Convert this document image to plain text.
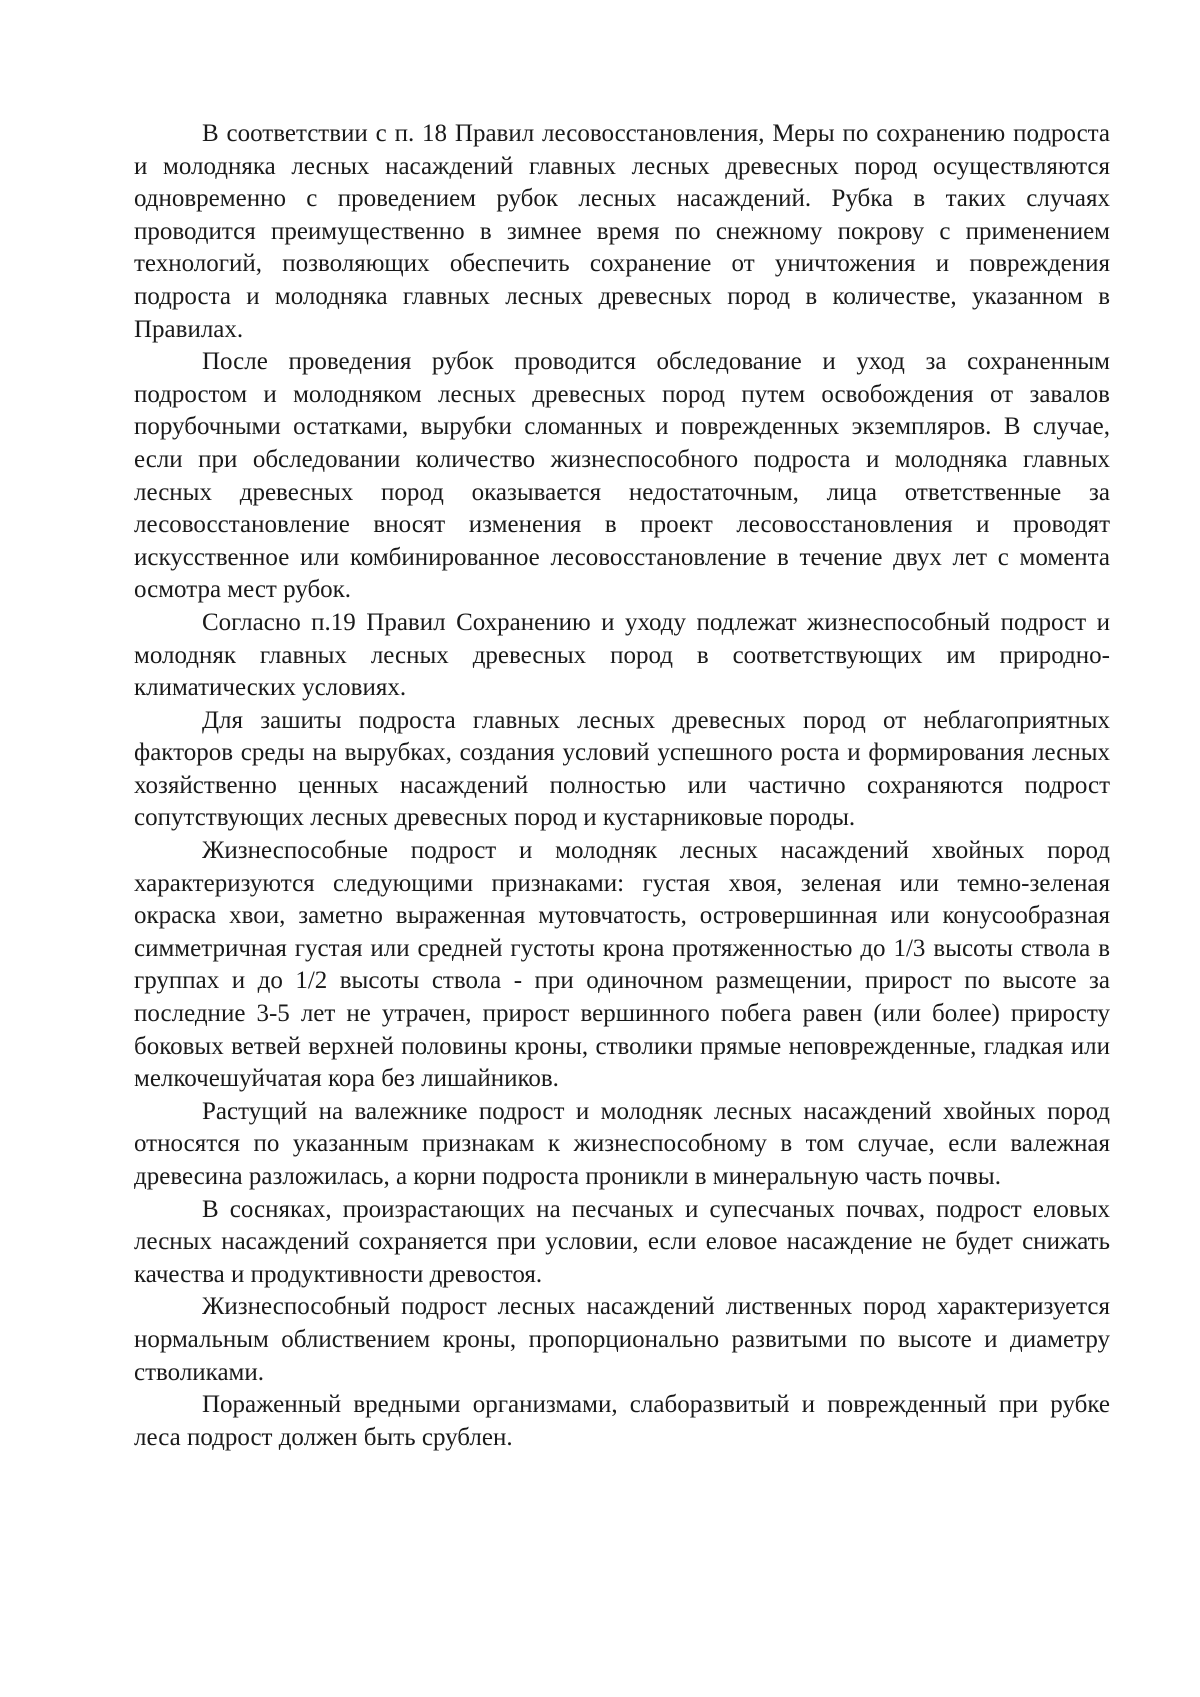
В соответствии с п. 18 Правил лесовосстановления, Меры по сохранению подроста и молодняка лесных насаждений главных лесных древесных пород осуществляются одновременно с проведением рубок лесных насаждений. Рубка в таких случаях проводится преимущественно в зимнее время по снежному покрову с применением технологий, позволяющих обеспечить сохранение от уничтожения и повреждения подроста и молодняка главных лесных древесных пород в количестве, указанном в Правилах.

После проведения рубок проводится обследование и уход за сохраненным подростом и молодняком лесных древесных пород путем освобождения от завалов порубочными остатками, вырубки сломанных и поврежденных экземпляров. В случае, если при обследовании количество жизнеспособного подроста и молодняка главных лесных древесных пород оказывается недостаточным, лица ответственные за лесовосстановление вносят изменения в проект лесовосстановления и проводят искусственное или комбинированное лесовосстановление в течение двух лет с момента осмотра мест рубок.

Согласно п.19 Правил Сохранению и уходу подлежат жизнеспособный подрост и молодняк главных лесных древесных пород в соответствующих им природно-климатических условиях.

Для зашиты подроста главных лесных древесных пород от неблагоприятных факторов среды на вырубках, создания условий успешного роста и формирования лесных хозяйственно ценных насаждений полностью или частично сохраняются подрост сопутствующих лесных древесных пород и кустарниковые породы.

Жизнеспособные подрост и молодняк лесных насаждений хвойных пород характеризуются следующими признаками: густая хвоя, зеленая или темно-зеленая окраска хвои, заметно выраженная мутовчатость, островершинная или конусообразная симметричная густая или средней густоты крона протяженностью до 1/3 высоты ствола в группах и до 1/2 высоты ствола - при одиночном размещении, прирост по высоте за последние 3-5 лет не утрачен, прирост вершинного побега равен (или более) приросту боковых ветвей верхней половины кроны, стволики прямые неповрежденные, гладкая или мелкочешуйчатая кора без лишайников.

Растущий на валежнике подрост и молодняк лесных насаждений хвойных пород относятся по указанным признакам к жизнеспособному в том случае, если валежная древесина разложилась, а корни подроста проникли в минеральную часть почвы.

В сосняках, произрастающих на песчаных и супесчаных почвах, подрост еловых лесных насаждений сохраняется при условии, если еловое насаждение не будет снижать качества и продуктивности древостоя.

Жизнеспособный подрост лесных насаждений лиственных пород характеризуется нормальным облиствением кроны, пропорционально развитыми по высоте и диаметру стволиками.

Пораженный вредными организмами, слаборазвитый и поврежденный при рубке леса подрост должен быть срублен.
